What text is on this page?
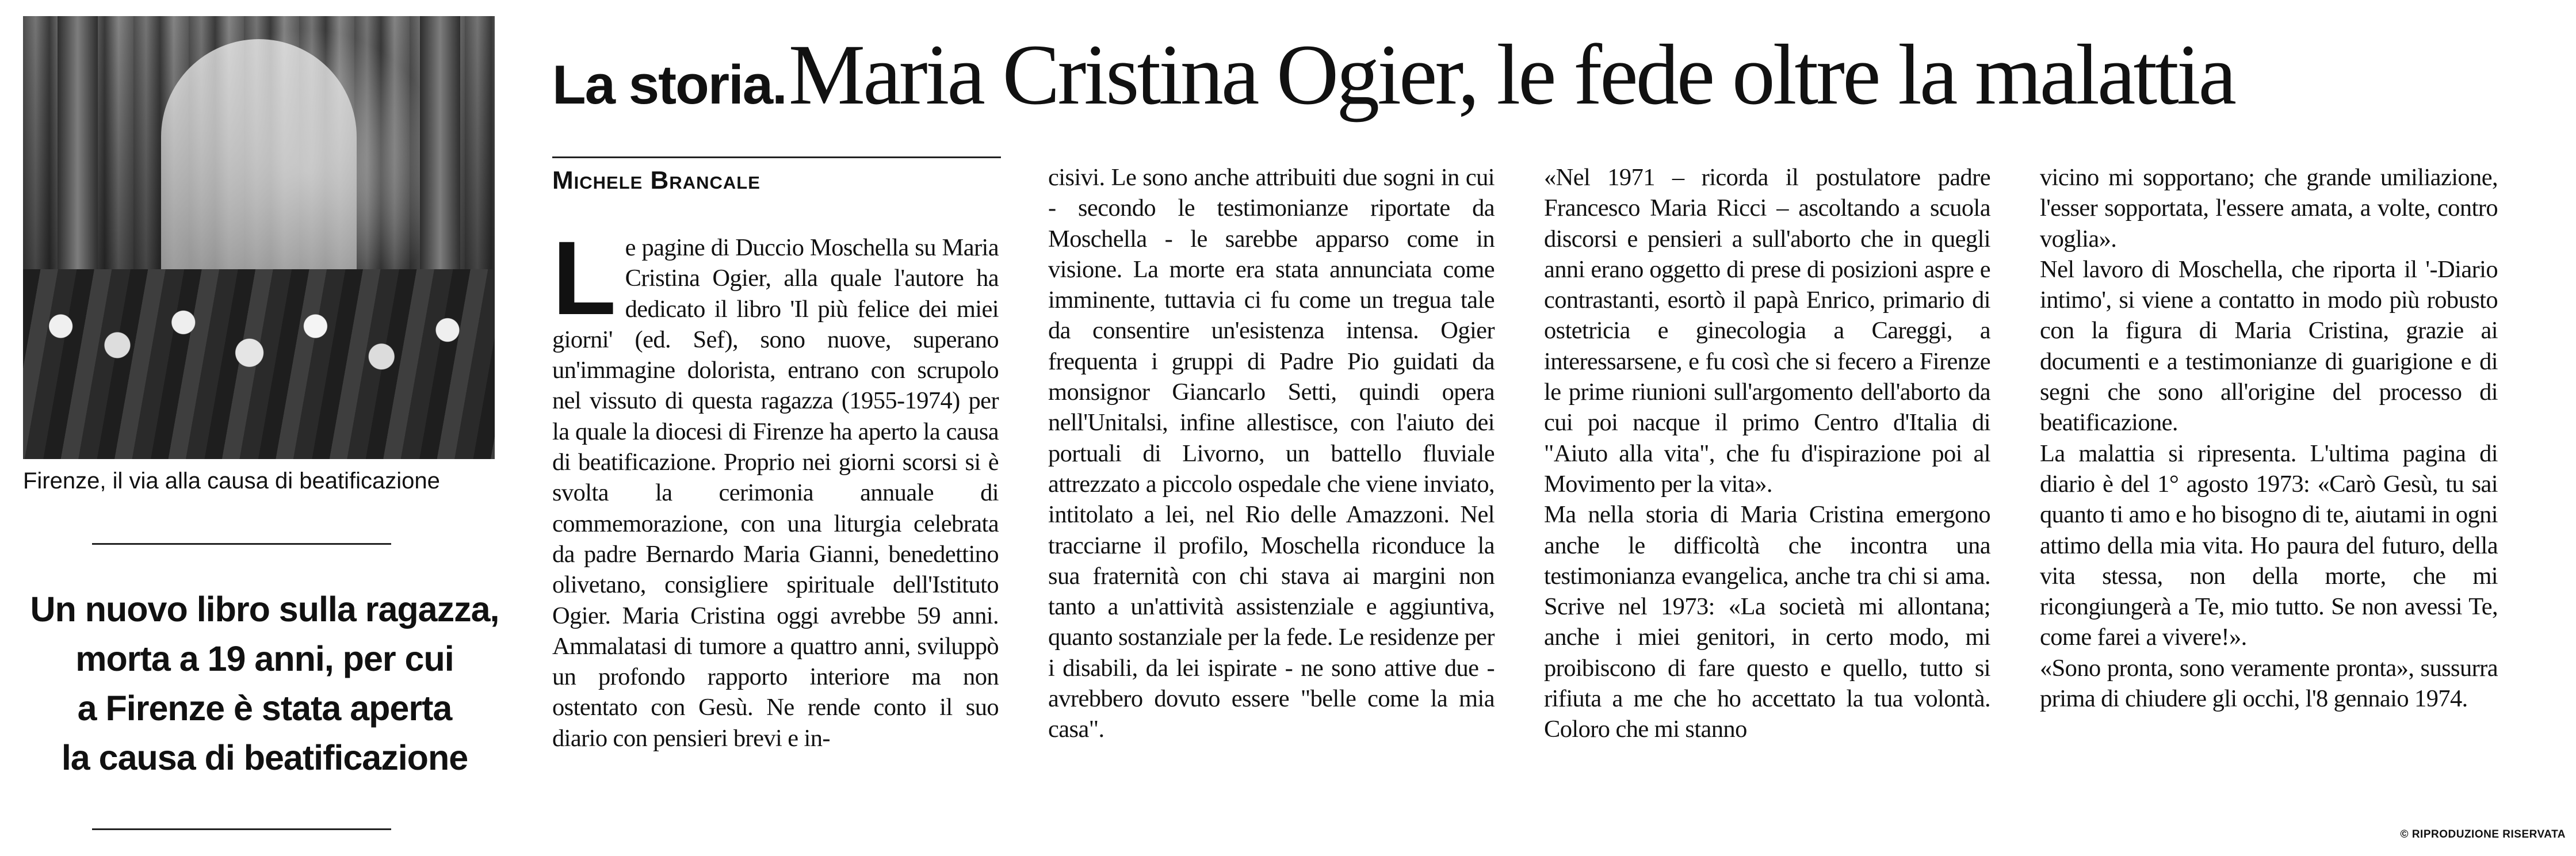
Firenze, il via alla causa di beatificazione
Un nuovo libro sulla ragazza,
morta a 19 anni, per cui
a Firenze è stata aperta
la causa di beatificazione
La storia. Maria Cristina Ogier, le fede oltre la malattia
Michele Brancale
L e pagine di Duccio Moschella su Maria Cristina Ogier, alla quale l'autore ha dedicato il libro 'Il più felice dei miei giorni' (ed. Sef), sono nuove, superano un'immagine dolorista, entrano con scrupolo nel vissuto di questa ragazza (1955-1974) per la quale la diocesi di Firenze ha aperto la causa di beatificazione. Proprio nei giorni scorsi si è svolta la cerimonia annuale di commemorazione, con una liturgia celebrata da padre Bernardo Maria Gianni, benedettino olivetano, consigliere spirituale dell'Istituto Ogier. Maria Cristina oggi avrebbe 59 anni. Ammalatasi di tumore a quattro anni, sviluppò un profondo rapporto interiore ma non ostentato con Gesù. Ne rende conto il suo diario con pensieri brevi e in-

cisivi. Le sono anche attribuiti due sogni in cui - secondo le testimonianze riportate da Moschella - le sarebbe apparso come in visione. La morte era stata annunciata come imminente, tuttavia ci fu come un tregua tale da consentire un'esistenza intensa. Ogier frequenta i gruppi di Padre Pio guidati da monsignor Giancarlo Setti, quindi opera nell'Unitalsi, infine allestisce, con l'aiuto dei portuali di Livorno, un battello fluviale attrezzato a piccolo ospedale che viene inviato, intitolato a lei, nel Rio delle Amazzoni. Nel tracciarne il profilo, Moschella riconduce la sua fraternità con chi stava ai margini non tanto a un'attività assistenziale e aggiuntiva, quanto sostanziale per la fede. Le residenze per i disabili, da lei ispirate - ne sono attive due - avrebbero dovuto essere "belle come la mia casa".

«Nel 1971 – ricorda il postulatore padre Francesco Maria Ricci – ascoltando a scuola discorsi e pensieri a sull'aborto che in quegli anni erano oggetto di prese di posizioni aspre e contrastanti, esortò il papà Enrico, primario di ostetricia e ginecologia a Careggi, a interessarsene, e fu così che si fecero a Firenze le prime riunioni sull'argomento dell'aborto da cui poi nacque il primo Centro d'Italia di "Aiuto alla vita", che fu d'ispirazione poi al Movimento per la vita».

Ma nella storia di Maria Cristina emergono anche le difficoltà che incontra una testimonianza evangelica, anche tra chi si ama. Scrive nel 1973: «La società mi allontana; anche i miei genitori, in certo modo, mi proibiscono di fare questo e quello, tutto si rifiuta a me che ho accettato la tua volontà. Coloro che mi stanno

vicino mi sopportano; che grande umiliazione, l'esser sopportata, l'essere amata, a volte, contro voglia».

Nel lavoro di Moschella, che riporta il '-Diario intimo', si viene a contatto in modo più robusto con la figura di Maria Cristina, grazie ai documenti e a testimonianze di guarigione e di segni che sono all'origine del processo di beatificazione.

La malattia si ripresenta. L'ultima pagina di diario è del 1° agosto 1973: «Carò Gesù, tu sai quanto ti amo e ho bisogno di te, aiutami in ogni attimo della mia vita. Ho paura del futuro, della vita stessa, non della morte, che mi ricongiungerà a Te, mio tutto. Se non avessi Te, come farei a vivere!».

«Sono pronta, sono veramente pronta», sussurra prima di chiudere gli occhi, l'8 gennaio 1974.

© RIPRODUZIONE RISERVATA
